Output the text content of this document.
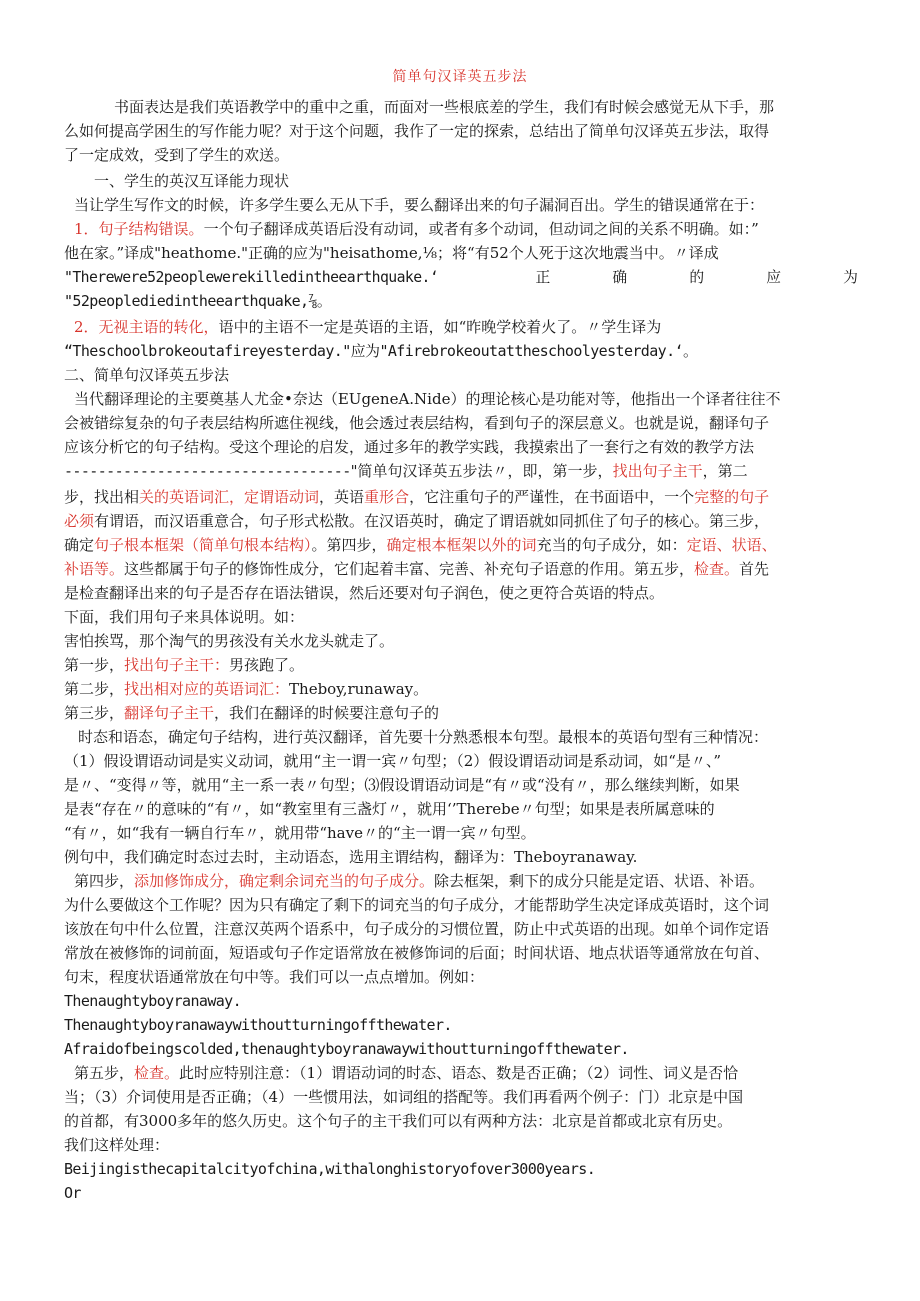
简单句汉译英五步法
书面表达是我们英语教学中的重中之重，而面对一些根底差的学生，我们有时候会感觉无从下手，那
么如何提高学困生的写作能力呢？对于这个问题，我作了一定的探索，总结出了简单句汉译英五步法，取得
了一定成效，受到了学生的欢送。
一、学生的英汉互译能力现状
当让学生写作文的时候，许多学生要么无从下手，要么翻译出来的句子漏洞百出。学生的错误通常在于：
1．句子结构错误。一个句子翻译成英语后没有动词，或者有多个动词，但动词之间的关系不明确。如：”
他在家。”译成"heathome."正确的应为"heisathome,⅛；将“有52个人死于这次地震当中。〃译成
"Therewere52peoplewerekilledintheearthquake.‘	正	确	的	应	为
"52peoplediedintheearthquake,⅞。
2．无视主语的转化，语中的主语不一定是英语的主语，如“昨晚学校着火了。〃学生译为
“Theschoolbrokeoutafireyesterday."应为"Afirebrokeoutattheschoolyesterday.‘。
二、简单句汉译英五步法
当代翻译理论的主要奠基人尤金•奈达（EUgeneA.Nide）的理论核心是功能对等，他指出一个译者往往不
会被错综复杂的句子表层结构所遮住视线，他会透过表层结构，看到句子的深层意义。也就是说，翻译句子
应该分析它的句子结构。受这个理论的启发，通过多年的教学实践，我摸索出了一套行之有效的教学方法
----------------------------------"简单句汉译英五步法〃，即，第一步，找出句子主干，第二
步，找出相关的英语词汇，定谓语动词，英语重形合，它注重句子的严谨性，在书面语中，一个完整的句子
必须有谓语，而汉语重意合，句子形式松散。在汉语英时，确定了谓语就如同抓住了句子的核心。第三步，
确定句子根本框架（简单句根本结构）。第四步，确定根本框架以外的词充当的句子成分，如：定语、状语、
补语等。这些都属于句子的修饰性成分，它们起着丰富、完善、补充句子语意的作用。第五步，检查。首先
是检查翻译出来的句子是否存在语法错误，然后还要对句子润色，使之更符合英语的特点。
下面，我们用句子来具体说明。如：
害怕挨骂，那个淘气的男孩没有关水龙头就走了。
第一步，找出句子主干：男孩跑了。
第二步，找出相对应的英语词汇：Theboy,runaway。
第三步，翻译句子主干，我们在翻译的时候要注意句子的
时态和语态，确定句子结构，进行英汉翻译，首先要十分熟悉根本句型。最根本的英语句型有三种情况：
（1）假设谓语动词是实义动词，就用“主一谓一宾〃句型；（2）假设谓语动词是系动词，如“是〃、”
是〃、“变得〃等，就用“主一系一表〃句型；⑶假设谓语动词是“有〃或“没有〃，那么继续判断，如果
是表“存在〃的意味的“有〃，如“教室里有三盏灯〃，就用‘’Therebe〃句型；如果是表所属意味的
“有〃，如“我有一辆自行车〃，就用带“have〃的“主一谓一宾〃句型。
例句中，我们确定时态过去时，主动语态，选用主谓结构，翻译为：Theboyranaway.
第四步，添加修饰成分，确定剩余词充当的句子成分。除去框架，剩下的成分只能是定语、状语、补语。
为什么要做这个工作呢？因为只有确定了剩下的词充当的句子成分，才能帮助学生决定译成英语时，这个词
该放在句中什么位置，注意汉英两个语系中，句子成分的习惯位置，防止中式英语的出现。如单个词作定语
常放在被修饰的词前面，短语或句子作定语常放在被修饰词的后面；时间状语、地点状语等通常放在句首、
句末，程度状语通常放在句中等。我们可以一点点增加。例如：
Thenaughtyboyranaway.
Thenaughtyboyranawaywithoutturningoffthewater.
Afraidofbeingscolded,thenaughtyboyranawaywithoutturningoffthewater.
第五步，检查。此时应特别注意：（1）谓语动词的时态、语态、数是否正确；（2）词性、词义是否恰
当；（3）介词使用是否正确；（4）一些惯用法，如词组的搭配等。我们再看两个例子：门）北京是中国
的首都，有3000多年的悠久历史。这个句子的主干我们可以有两种方法：北京是首都或北京有历史。
我们这样处理：
Beijingisthecapitalcityofchina,withalonghistoryofover3000years.
Or
